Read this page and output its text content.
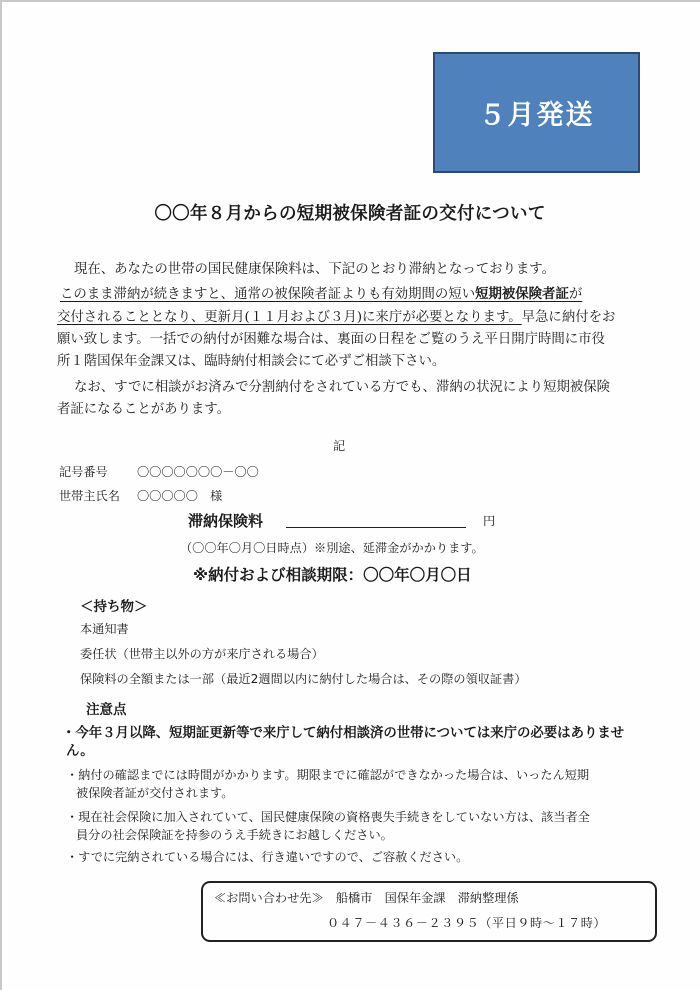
５月発送
〇〇年８月からの短期被保険者証の交付について
現在、あなたの世帯の国民健康保険料は、下記のとおり滞納となっております。
このまま滞納が続きますと、通常の被保険者証よりも有効期間の短い短期被保険者証が
交付されることとなり、更新月(１１月および３月)に来庁が必要となります。早急に納付をお
願い致します。一括での納付が困難な場合は、裏面の日程をご覧のうえ平日開庁時間に市役
所１階国保年金課又は、臨時納付相談会にて必ずご相談下さい。
なお、すでに相談がお済みで分割納付をされている方でも、滞納の状況により短期被保険
者証になることがあります。
記
記号番号 〇〇〇〇〇〇〇－〇〇
世帯主氏名 〇〇〇〇〇　様
滞納保険料	円
（〇〇年〇月〇日時点）※別途、延滞金がかかります。
※納付および相談期限：〇〇年〇月〇日
＜持ち物＞
本通知書
委任状（世帯主以外の方が来庁される場合）
保険料の全額または一部（最近2週間以内に納付した場合は、その際の領収証書）
注意点
・今年３月以降、短期証更新等で来庁して納付相談済の世帯については来庁の必要はありませ
ん。
・納付の確認までには時間がかかります。期限までに確認ができなかった場合は、いったん短期
被保険者証が交付されます。
・現在社会保険に加入されていて、国民健康保険の資格喪失手続きをしていない方は、該当者全
員分の社会保険証を持参のうえ手続きにお越しください。
・すでに完納されている場合には、行き違いですので、ご容赦ください。
≪お問い合わせ先≫　船橋市　国保年金課　滞納整理係
０４７－４３６－２３９５（平日９時～１７時）
